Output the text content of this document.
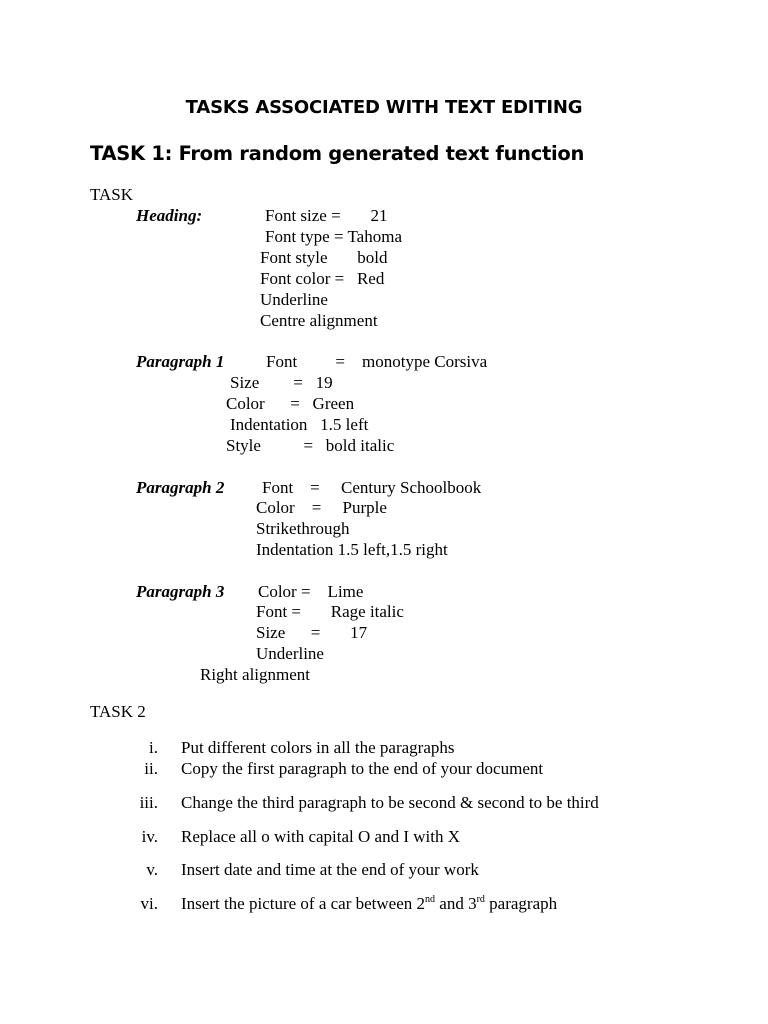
TASKS ASSOCIATED WITH TEXT EDITING
TASK 1: From random generated text function
TASK
Heading:	Font size =       21
Font type = Tahoma
Font style       bold
Font color =   Red
Underline
Centre alignment
Paragraph 1 Font         =    monotype Corsiva
Size        =   19
Color      =   Green
Indentation   1.5 left
Style          =   bold italic
Paragraph 2 Font    =     Century Schoolbook
Color    =     Purple
Strikethrough
Indentation 1.5 left,1.5 right
Paragraph 3 Color =    Lime
Font =       Rage italic
Size      =       17
Underline
Right alignment
TASK 2
i. Put different colors in all the paragraphs
ii. Copy the first paragraph to the end of your document
iii. Change the third paragraph to be second & second to be third
iv. Replace all o with capital O and I with X
v. Insert date and time at the end of your work
vi. Insert the picture of a car between 2nd and 3rd paragraph
